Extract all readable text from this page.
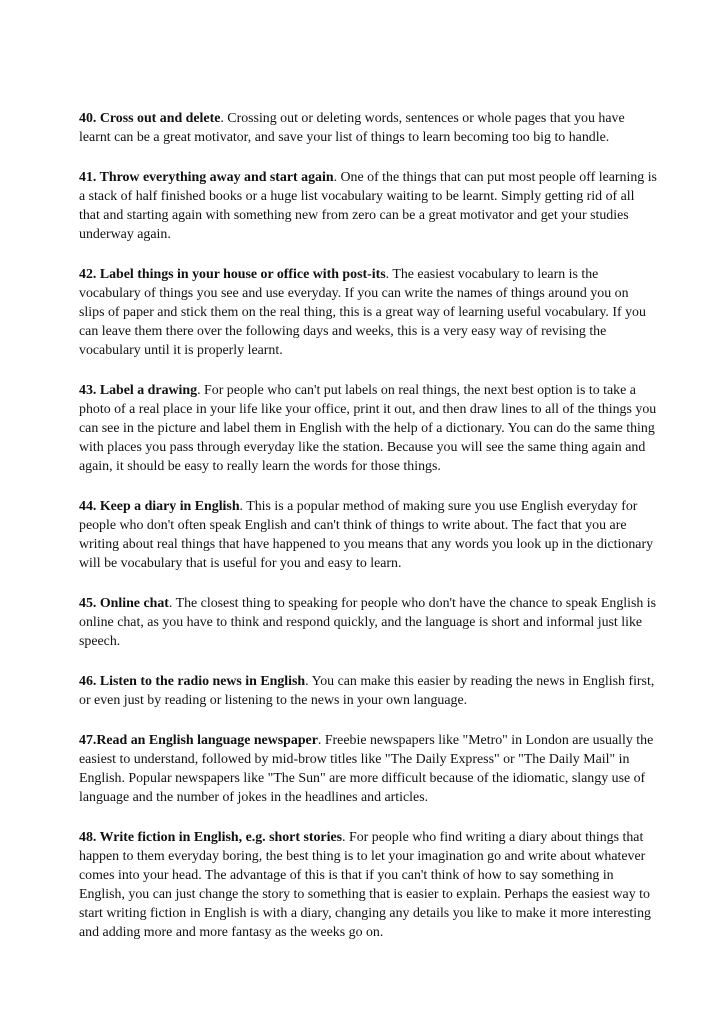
40. Cross out and delete. Crossing out or deleting words, sentences or whole pages that you have learnt can be a great motivator, and save your list of things to learn becoming too big to handle.

41. Throw everything away and start again. One of the things that can put most people off learning is a stack of half finished books or a huge list vocabulary waiting to be learnt. Simply getting rid of all that and starting again with something new from zero can be a great motivator and get your studies underway again.

42. Label things in your house or office with post-its. The easiest vocabulary to learn is the vocabulary of things you see and use everyday. If you can write the names of things around you on slips of paper and stick them on the real thing, this is a great way of learning useful vocabulary. If you can leave them there over the following days and weeks, this is a very easy way of revising the vocabulary until it is properly learnt.

43. Label a drawing. For people who can't put labels on real things, the next best option is to take a photo of a real place in your life like your office, print it out, and then draw lines to all of the things you can see in the picture and label them in English with the help of a dictionary. You can do the same thing with places you pass through everyday like the station. Because you will see the same thing again and again, it should be easy to really learn the words for those things.

44. Keep a diary in English. This is a popular method of making sure you use English everyday for people who don't often speak English and can't think of things to write about. The fact that you are writing about real things that have happened to you means that any words you look up in the dictionary will be vocabulary that is useful for you and easy to learn.

45. Online chat. The closest thing to speaking for people who don't have the chance to speak English is online chat, as you have to think and respond quickly, and the language is short and informal just like speech.

46. Listen to the radio news in English. You can make this easier by reading the news in English first, or even just by reading or listening to the news in your own language.

47.Read an English language newspaper. Freebie newspapers like "Metro" in London are usually the easiest to understand, followed by mid-brow titles like "The Daily Express" or "The Daily Mail" in English. Popular newspapers like "The Sun" are more difficult because of the idiomatic, slangy use of language and the number of jokes in the headlines and articles.

48. Write fiction in English, e.g. short stories. For people who find writing a diary about things that happen to them everyday boring, the best thing is to let your imagination go and write about whatever comes into your head. The advantage of this is that if you can't think of how to say something in English, you can just change the story to something that is easier to explain. Perhaps the easiest way to start writing fiction in English is with a diary, changing any details you like to make it more interesting and adding more and more fantasy as the weeks go on.
